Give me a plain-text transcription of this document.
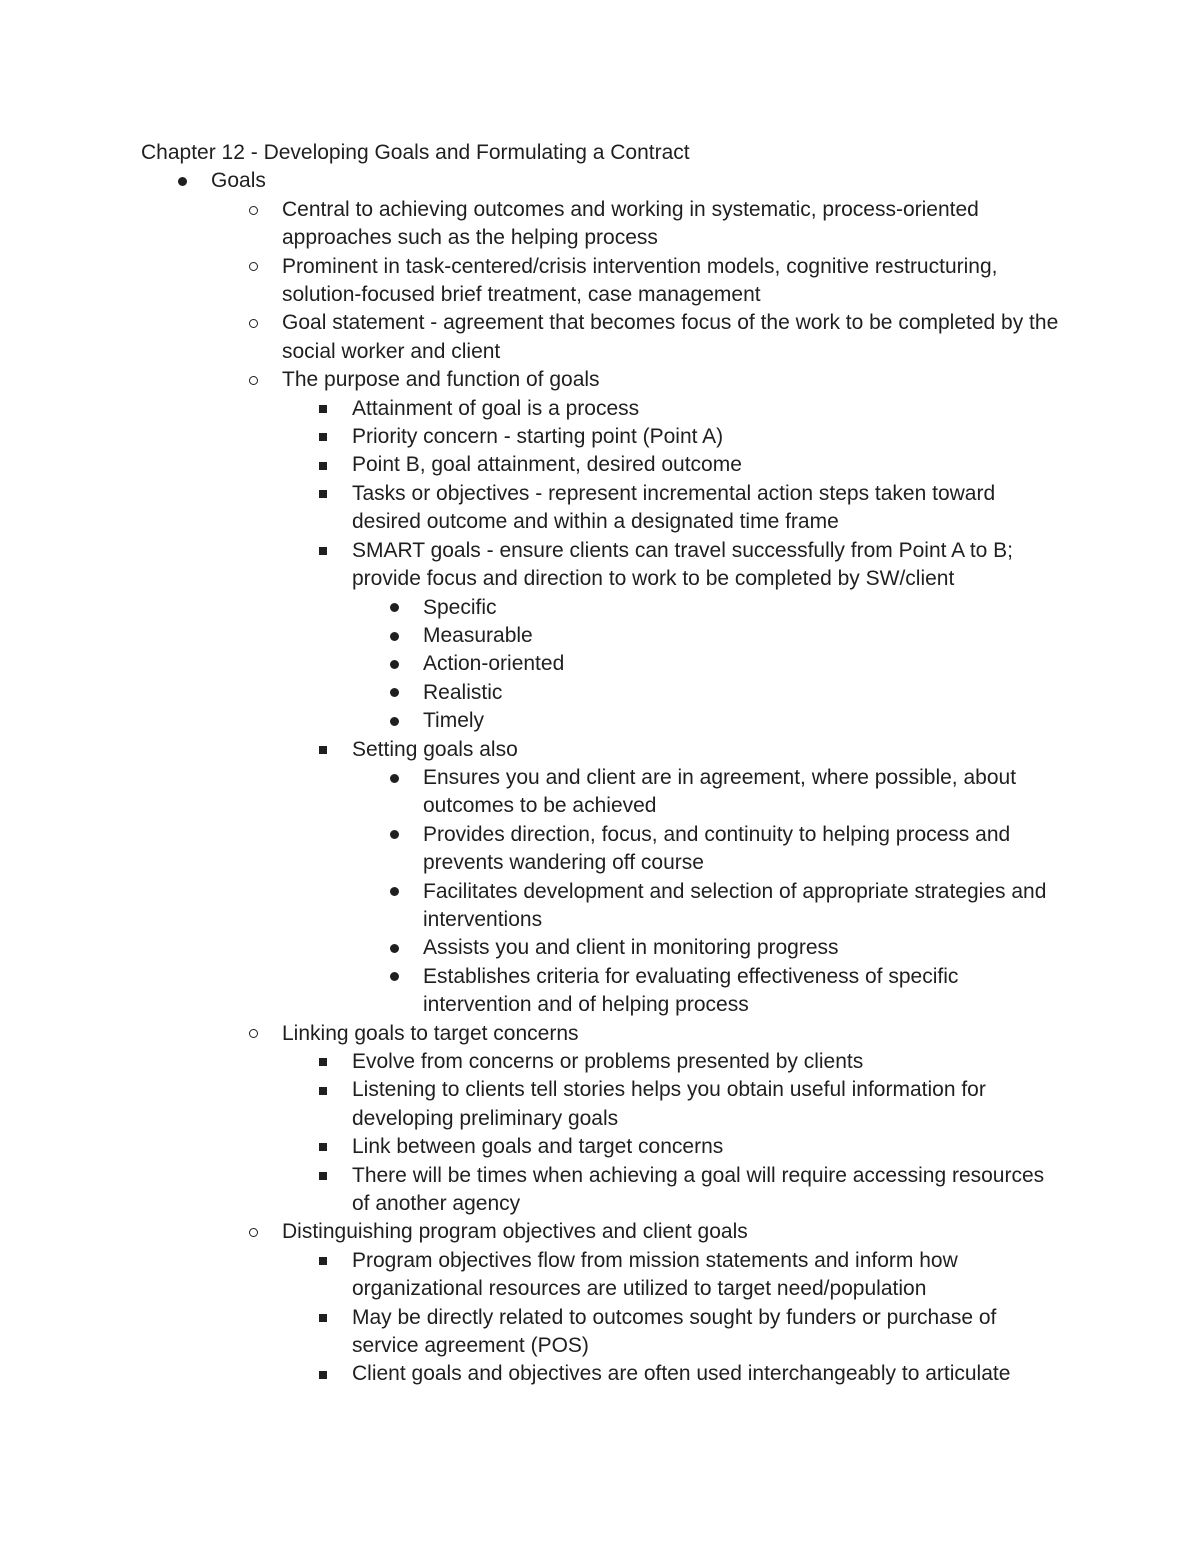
Chapter 12 - Developing Goals and Formulating a Contract

Goals
Central to achieving outcomes and working in systematic, process-oriented approaches such as the helping process
Prominent in task-centered/crisis intervention models, cognitive restructuring, solution-focused brief treatment, case management
Goal statement - agreement that becomes focus of the work to be completed by the social worker and client
The purpose and function of goals
Attainment of goal is a process
Priority concern - starting point (Point A)
Point B, goal attainment, desired outcome
Tasks or objectives - represent incremental action steps taken toward desired outcome and within a designated time frame
SMART goals - ensure clients can travel successfully from Point A to B; provide focus and direction to work to be completed by SW/client
Specific
Measurable
Action-oriented
Realistic
Timely
Setting goals also
Ensures you and client are in agreement, where possible, about outcomes to be achieved
Provides direction, focus, and continuity to helping process and prevents wandering off course
Facilitates development and selection of appropriate strategies and interventions
Assists you and client in monitoring progress
Establishes criteria for evaluating effectiveness of specific intervention and of helping process
Linking goals to target concerns
Evolve from concerns or problems presented by clients
Listening to clients tell stories helps you obtain useful information for developing preliminary goals
Link between goals and target concerns
There will be times when achieving a goal will require accessing resources of another agency
Distinguishing program objectives and client goals
Program objectives flow from mission statements and inform how organizational resources are utilized to target need/population
May be directly related to outcomes sought by funders or purchase of service agreement (POS)
Client goals and objectives are often used interchangeably to articulate
